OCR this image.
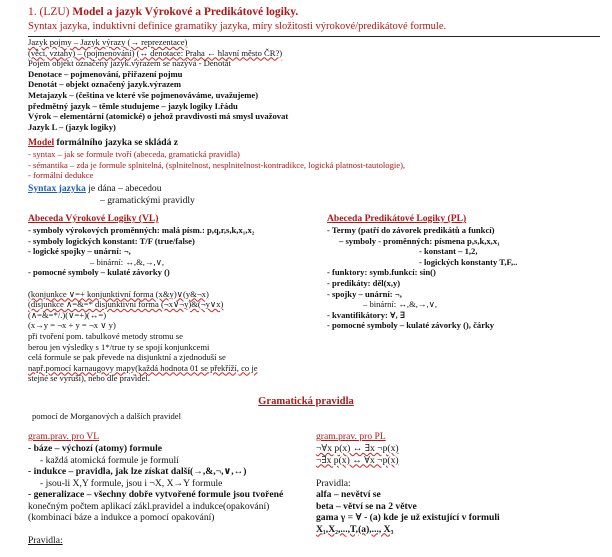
1. (LZU) Model a jazyk Výrokové a Predikátové logiky.
Syntax jazyka, induktivní definice gramatiky jazyka, míry složitosti výrokové/predikátové formule.
Jazyk pojmy – Jazyk výrazy (→ reprezentace)
(věci, vztahy) – (pojmenování) (↔ denotace: Praha ← hlavní město ČR?)
Pojem objekt označený jazyk.výrazem se nazývá - Denotát
Denotace – pojmenování, přiřazení pojmu
Denotát – objekt označený jazyk.výrazem
Metajazyk – (čeština ve které vše pojmenováváme, uvažujeme)
předmětný jazyk – těmle studujeme – jazyk logiky I.řádu
Výrok – elementární (atomické) o jehož pravdivosti má smysl uvažovat
Jazyk L – (jazyk logiky)
Model formálního jazyka se skládá z
- syntax – jak se formule tvoří (abeceda, gramatická pravidla)
- sémantika – zda je formule splnitelná, (splnitelnost, nesplnitelnost-kontradikce, logická platnost-tautologie),
- formální dedukce
Syntax jazyka je dána – abecedou
– gramatickými pravidly
Abeceda Výrokové Logiky (VL)
- symboly výrokových proměnných: malá písm.: p,q,r,s,k,x₁,x₂
- symboly logických konstant: T/F (true/false)
- logické spojky – unární: ¬,
– binární: ↔,&,→,∨,
- pomocné symboly – kulaté závorky ()

(konjunkce ∨=+ konjunktivní forma (x&y)∨(y&¬x)
(disjunkce ∧=&=* disjunktivní forma (¬x∨¬y)&(¬y∨x)
(∧=&=*/.)(∨=+)(↔=)
(x→y = ¬x + y = ¬x ∨ y)
při tvoření pom. tabulkové metody stromu se
berou jen výsledky s 1*/true ty se spojí konjunkcemi
celá formule se pak převede na disjunktní a zjednoduší se
např.pomocí karnaugovy mapy(každá hodnota 01 se překříží, co je
stejné se vyruší), nebo dle pravidel.
Abeceda Predikátové Logiky (PL)
- Termy (patří do závorek predikátů a funkcí)
– symboly - proměnných: písmena p,s,k,x,x₁
- konstant – 1,2,
- logických konstanty T,F,..
- funktory: symb.funkcí: sin()
- predikáty: děl(x,y)
- spojky – unární: ¬,
– binární: ↔,&,→,∨,
- kvantifikátory: ∀, ∃
- pomocné symboly – kulaté závorky (), čárky
Gramatická pravidla
pomocí de Morganových a dalších pravidel
gram.prav. pro VL
- báze – výchozí (atomy) formule
- každá atomická formule je formulí
- indukce – pravidla, jak lze získat další(→,&,¬,∨,↔)
- jsou-li X,Y formule, jsou i ¬X, X→Y formule
- generalizace – všechny dobře vytvořené formule jsou tvořené
konečným počtem aplikací zákl.pravidel a indukce(opakování)
(kombinací báze a indukce a pomocí opakování)

Pravidla:
gram.prav. pro PL
¬∀x p(x) ↔ ∃x ¬p(x)
¬∃x p(x) ↔ ∀x ¬p(x)

Pravidla:
alfa – nevětví se
beta – větví se na 2 větve
gama γ = ∀ - (a) kde je už existující v formuli
X₁,X₂,...,T,(a),..., X₃
